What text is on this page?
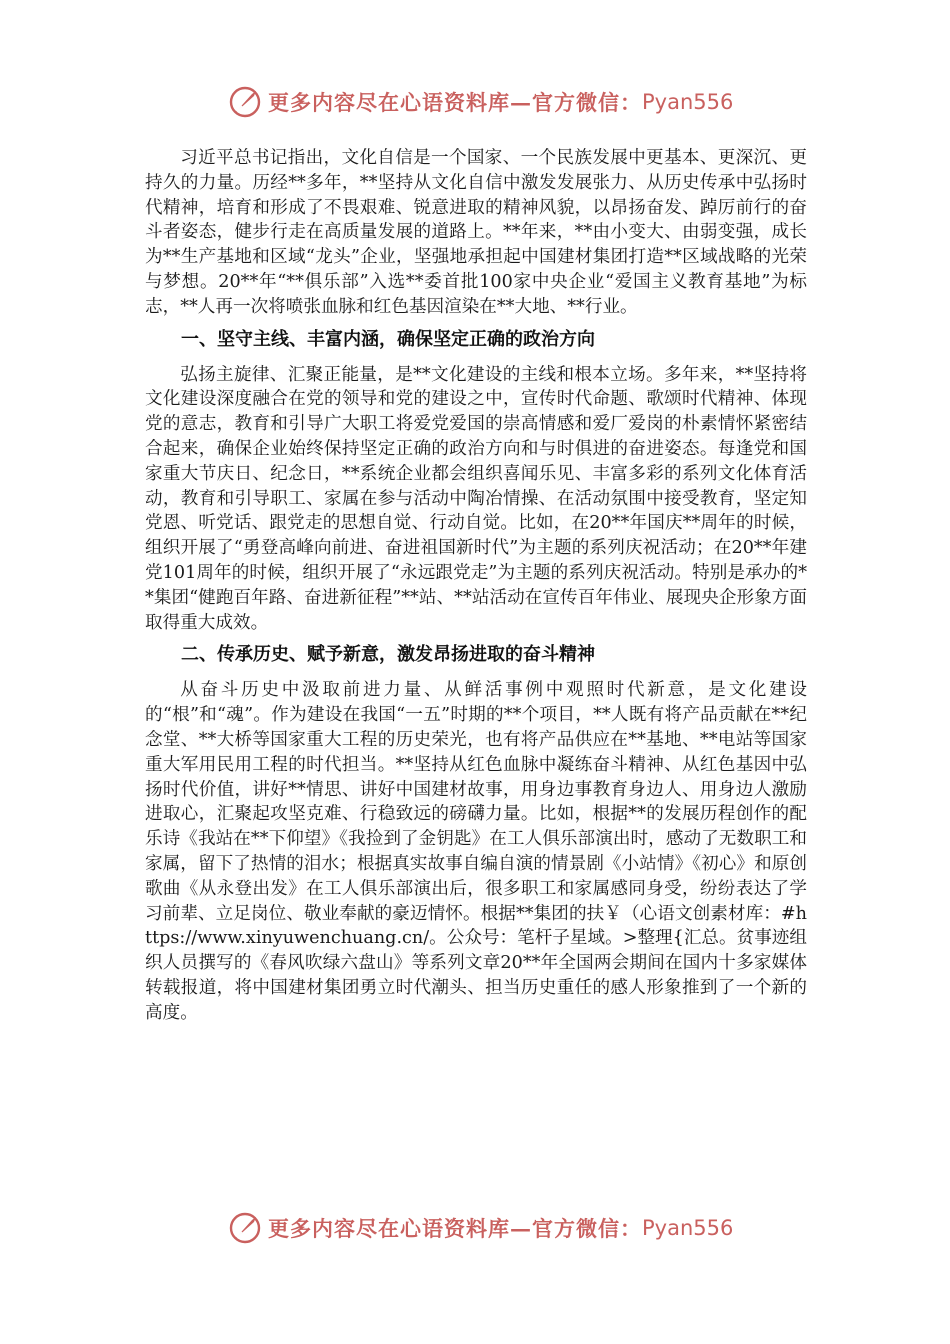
更多内容尽在心语资料库—官方微信： Pyan556

习近平总书记指出，文化自信是一个国家、一个民族发展中更基本、更深沉、更持久的力量。历经**多年，**坚持从文化自信中激发发展张力、从历史传承中弘扬时代精神，培育和形成了不畏艰难、锐意进取的精神风貌，以昂扬奋发、踔厉前行的奋斗者姿态，健步行走在高质量发展的道路上。**年来，**由小变大、由弱变强，成长为**生产基地和区域“龙头”企业，坚强地承担起中国建材集团打造**区域战略的光荣与梦想。20**年“**俱乐部”入选**委首批100家中央企业“爱国主义教育基地”为标志，**人再一次将喷张血脉和红色基因渲染在**大地、**行业。

一、坚守主线、丰富内涵，确保坚定正确的政治方向

弘扬主旋律、汇聚正能量，是**文化建设的主线和根本立场。多年来，**坚持将文化建设深度融合在党的领导和党的建设之中，宣传时代命题、歌颂时代精神、体现党的意志，教育和引导广大职工将爱党爱国的崇高情感和爱厂爱岗的朴素情怀紧密结合起来，确保企业始终保持坚定正确的政治方向和与时俱进的奋进姿态。每逢党和国家重大节庆日、纪念日，**系统企业都会组织喜闻乐见、丰富多彩的系列文化体育活动，教育和引导职工、家属在参与活动中陶冶情操、在活动氛围中接受教育，坚定知党恩、听党话、跟党走的思想自觉、行动自觉。比如，在20**年国庆**周年的时候，组织开展了“勇登高峰向前进、奋进祖国新时代”为主题的系列庆祝活动；在20**年建党101周年的时候，组织开展了“永远跟党走”为主题的系列庆祝活动。特别是承办的**集团“健跑百年路、奋进新征程”**站、**站活动在宣传百年伟业、展现央企形象方面取得重大成效。

二、传承历史、赋予新意，激发昂扬进取的奋斗精神

从奋斗历史中汲取前进力量、从鲜活事例中观照时代新意，是文化建设的“根”和“魂”。作为建设在我国“一五”时期的**个项目，**人既有将产品贡献在**纪念堂、**大桥等国家重大工程的历史荣光，也有将产品供应在**基地、**电站等国家重大军用民用工程的时代担当。**坚持从红色血脉中凝练奋斗精神、从红色基因中弘扬时代价值，讲好**情思、讲好中国建材故事，用身边事教育身边人、用身边人激励进取心，汇聚起攻坚克难、行稳致远的磅礴力量。比如，根据**的发展历程创作的配乐诗《我站在**下仰望》《我捡到了金钥匙》在工人俱乐部演出时，感动了无数职工和家属，留下了热情的泪水；根据真实故事自编自演的情景剧《小站情》《初心》和原创歌曲《从永登出发》在工人俱乐部演出后，很多职工和家属感同身受，纷纷表达了学习前辈、立足岗位、敬业奉献的豪迈情怀。根据**集团的扶￥（心语文创素材库：#https://www.xinyuwenchuang.cn/。公众号：笔杆子星域。>整理{汇总。贫事迹组织人员撰写的《春风吹绿六盘山》等系列文章20**年全国两会期间在国内十多家媒体转载报道，将中国建材集团勇立时代潮头、担当历史重任的感人形象推到了一个新的高度。

更多内容尽在心语资料库—官方微信： Pyan556
